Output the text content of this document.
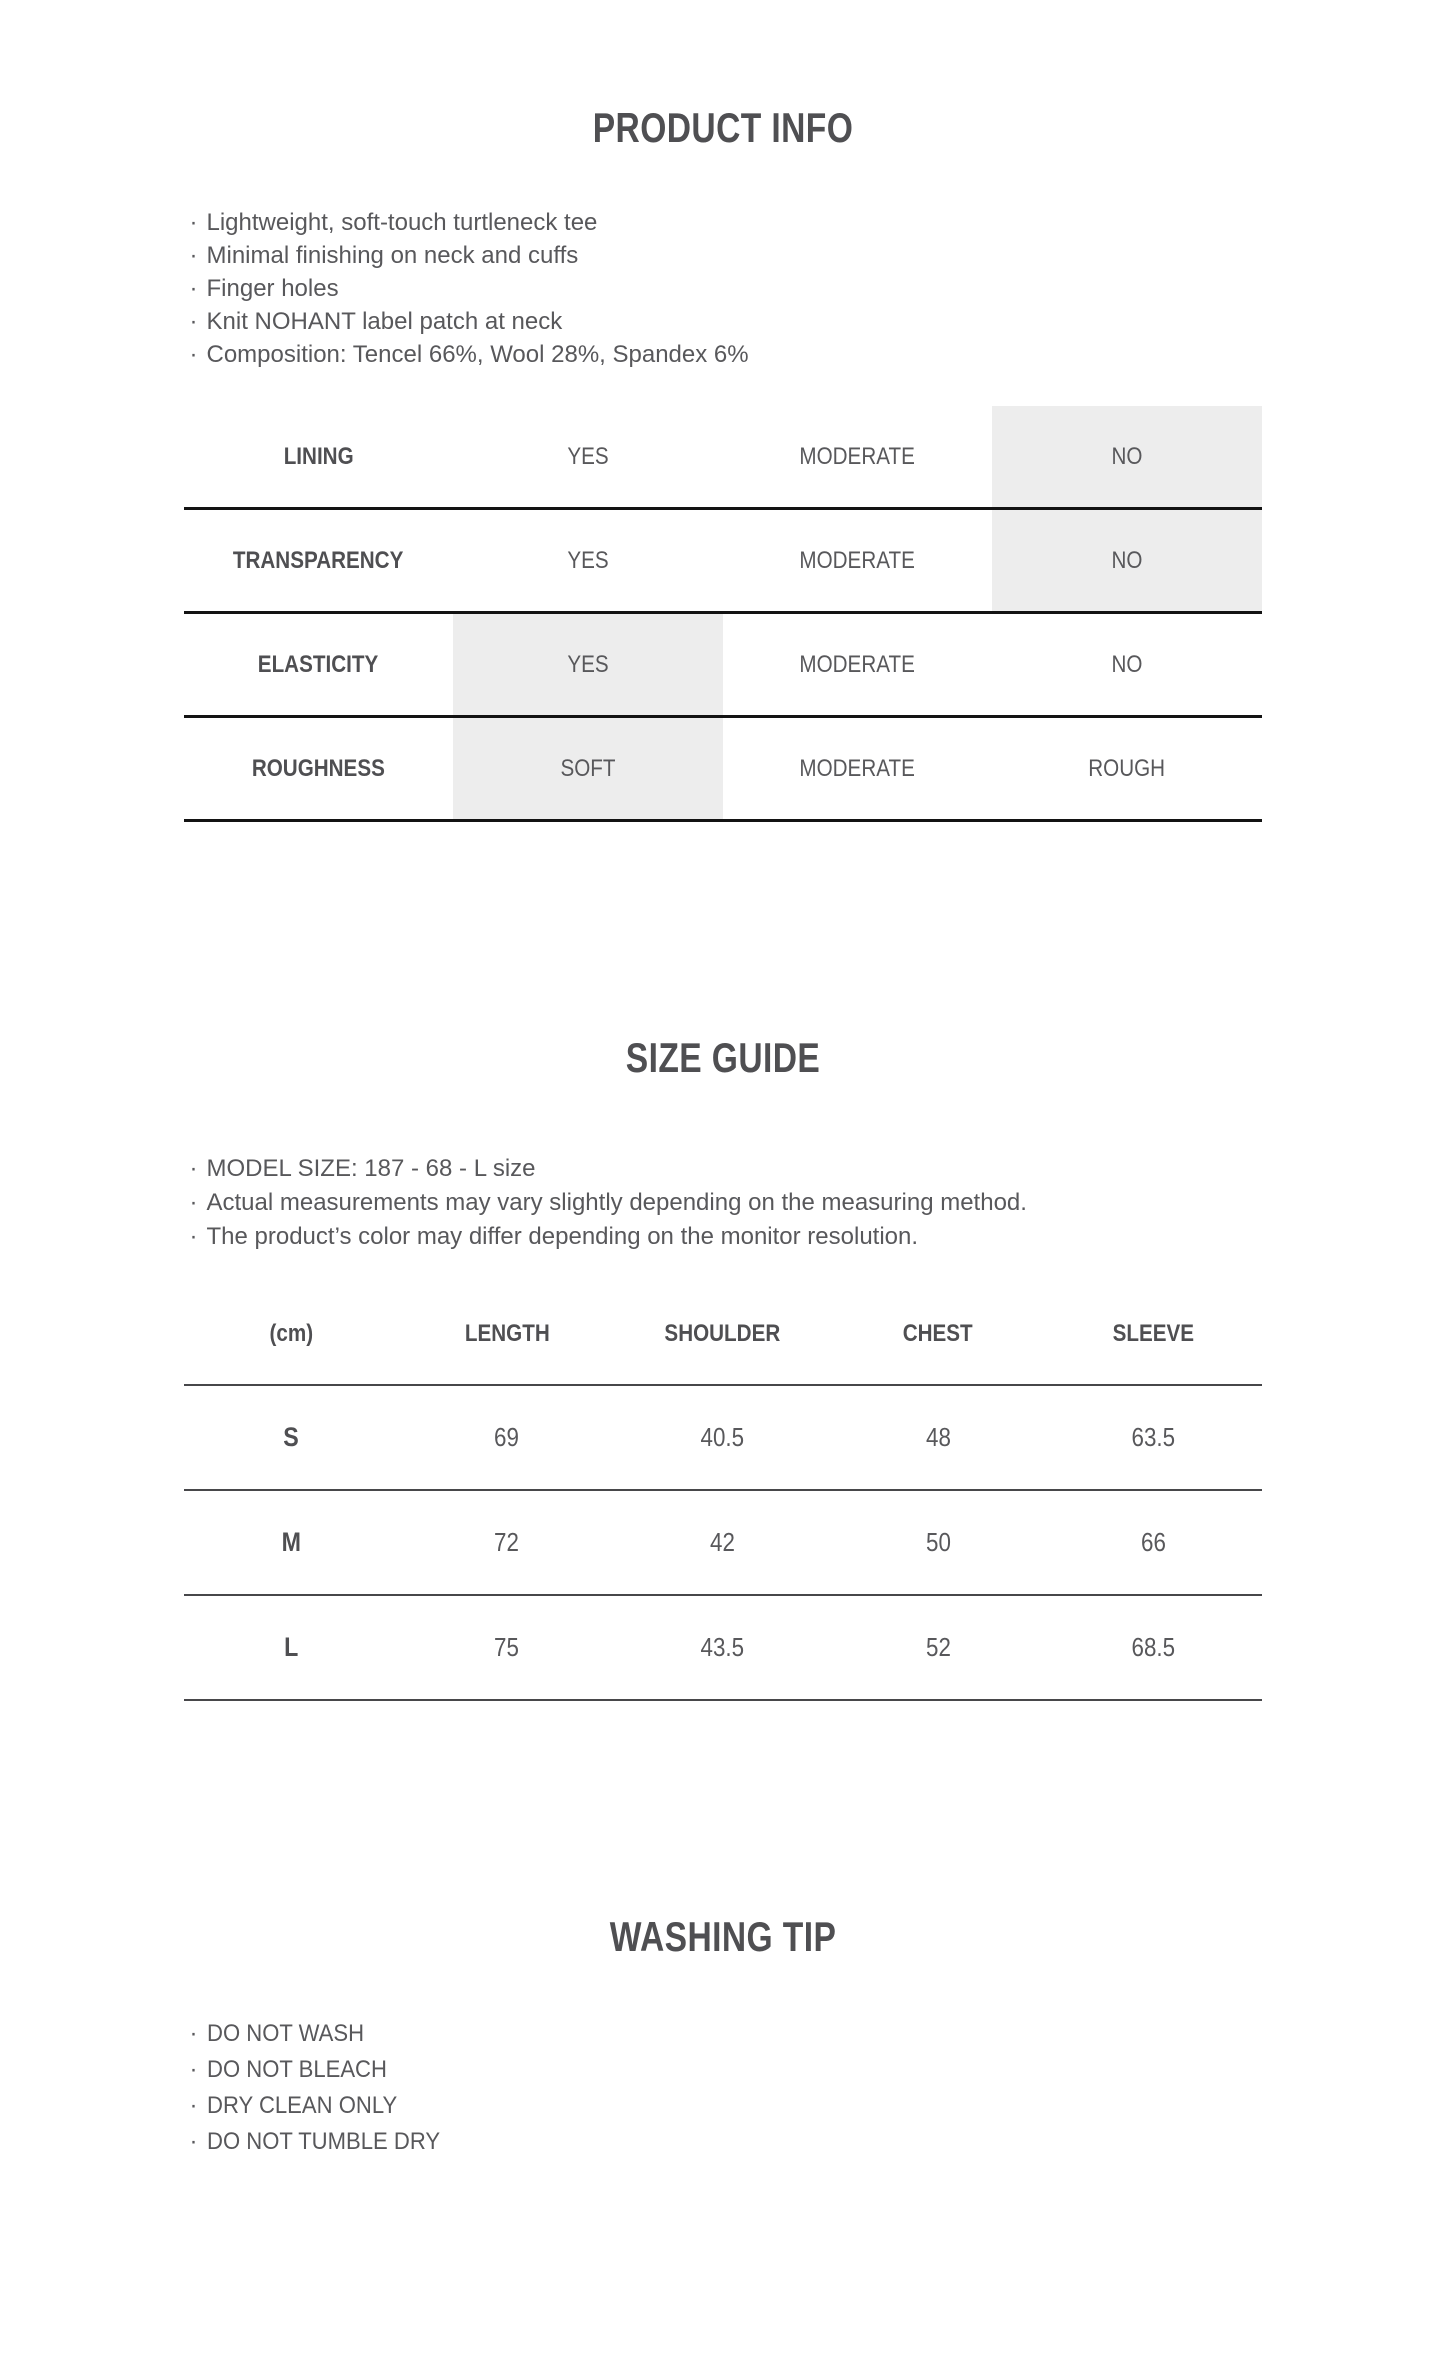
PRODUCT INFO
· Lightweight, soft-touch turtleneck tee
· Minimal finishing on neck and cuffs
· Finger holes
· Knit NOHANT label patch at neck
· Composition: Tencel 66%, Wool 28%, Spandex 6%
LINING	YES	MODERATE	NO
TRANSPARENCY	YES	MODERATE	NO
ELASTICITY	YES	MODERATE	NO
ROUGHNESS	SOFT	MODERATE	ROUGH
SIZE GUIDE
· MODEL SIZE: 187 - 68 - L size
· Actual measurements may vary slightly depending on the measuring method.
· The product’s color may differ depending on the monitor resolution.
(cm)	LENGTH	SHOULDER	CHEST	SLEEVE
S	69	40.5	48	63.5
M	72	42	50	66
L	75	43.5	52	68.5
WASHING TIP
· DO NOT WASH
· DO NOT BLEACH
· DRY CLEAN ONLY
· DO NOT TUMBLE DRY
